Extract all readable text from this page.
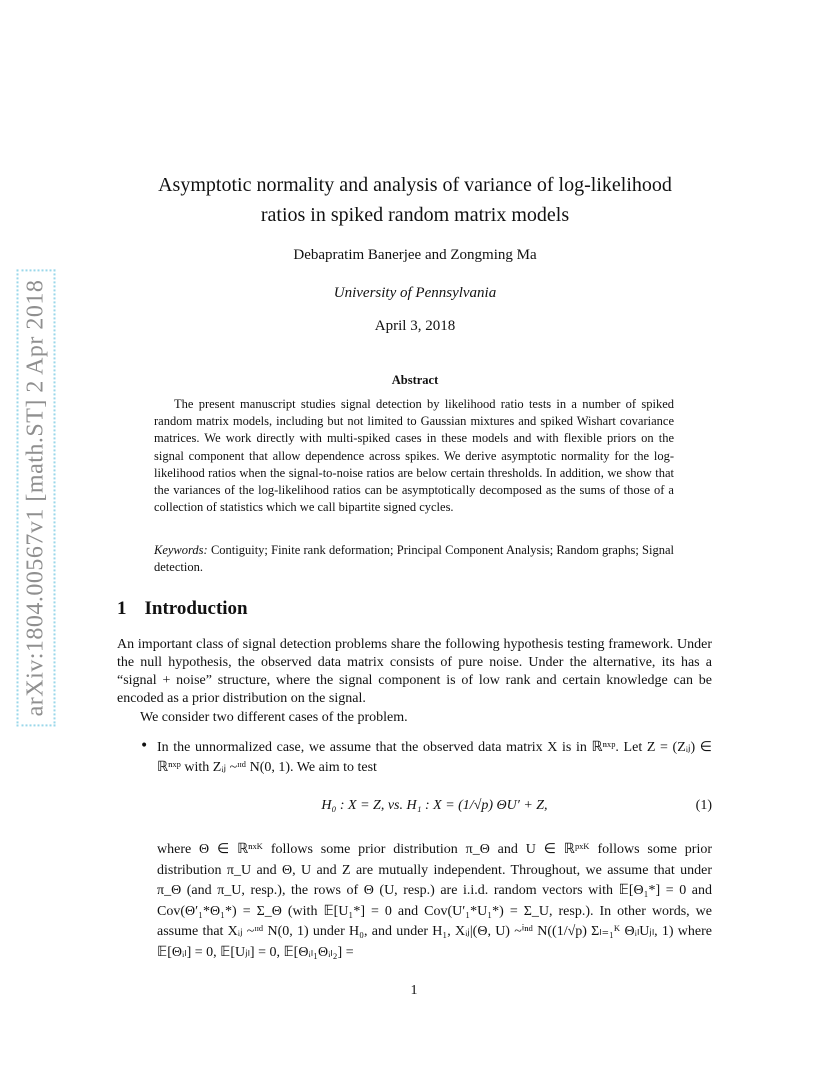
arXiv:1804.00567v1 [math.ST] 2 Apr 2018
Asymptotic normality and analysis of variance of log-likelihood
ratios in spiked random matrix models
Debapratim Banerjee and Zongming Ma
University of Pennsylvania
April 3, 2018
Abstract
The present manuscript studies signal detection by likelihood ratio tests in a number of spiked random matrix models, including but not limited to Gaussian mixtures and spiked Wishart covariance matrices. We work directly with multi-spiked cases in these models and with flexible priors on the signal component that allow dependence across spikes. We derive asymptotic normality for the log-likelihood ratios when the signal-to-noise ratios are below certain thresholds. In addition, we show that the variances of the log-likelihood ratios can be asymptotically decomposed as the sums of those of a collection of statistics which we call bipartite signed cycles.
Keywords: Contiguity; Finite rank deformation; Principal Component Analysis; Random graphs; Signal detection.
1 Introduction
An important class of signal detection problems share the following hypothesis testing framework. Under the null hypothesis, the observed data matrix consists of pure noise. Under the alternative, its has a “signal + noise” structure, where the signal component is of low rank and certain knowledge can be encoded as a prior distribution on the signal.
We consider two different cases of the problem.
• In the unnormalized case, we assume that the observed data matrix X is in ℝⁿˣᵖ. Let Z = (Zᵢⱼ) ∈ ℝⁿˣᵖ with Zᵢⱼ ~ᶦᶦᵈ N(0, 1). We aim to test
H₀ : X = Z, vs. H₁ : X = (1/√p) ΘU′ + Z,	(1)
where Θ ∈ ℝⁿˣᴷ follows some prior distribution π_Θ and U ∈ ℝᵖˣᴷ follows some prior distribution π_U and Θ, U and Z are mutually independent. Throughout, we assume that under π_Θ (and π_U, resp.), the rows of Θ (U, resp.) are i.i.d. random vectors with 𝔼[Θ₁*] = 0 and Cov(Θ′₁*Θ₁*) = Σ_Θ (with 𝔼[U₁*] = 0 and Cov(U′₁*U₁*) = Σ_U, resp.). In other words, we assume that Xᵢⱼ ~ᶦᶦᵈ N(0, 1) under H₀, and under H₁, Xᵢⱼ|(Θ, U) ~ⁱⁿᵈ N((1/√p) Σₗ₌₁ᴷ ΘᵢₗUⱼₗ, 1) where 𝔼[Θᵢₗ] = 0, 𝔼[Uⱼₗ] = 0, 𝔼[Θᵢₗ₁Θᵢₗ₂] =
1
